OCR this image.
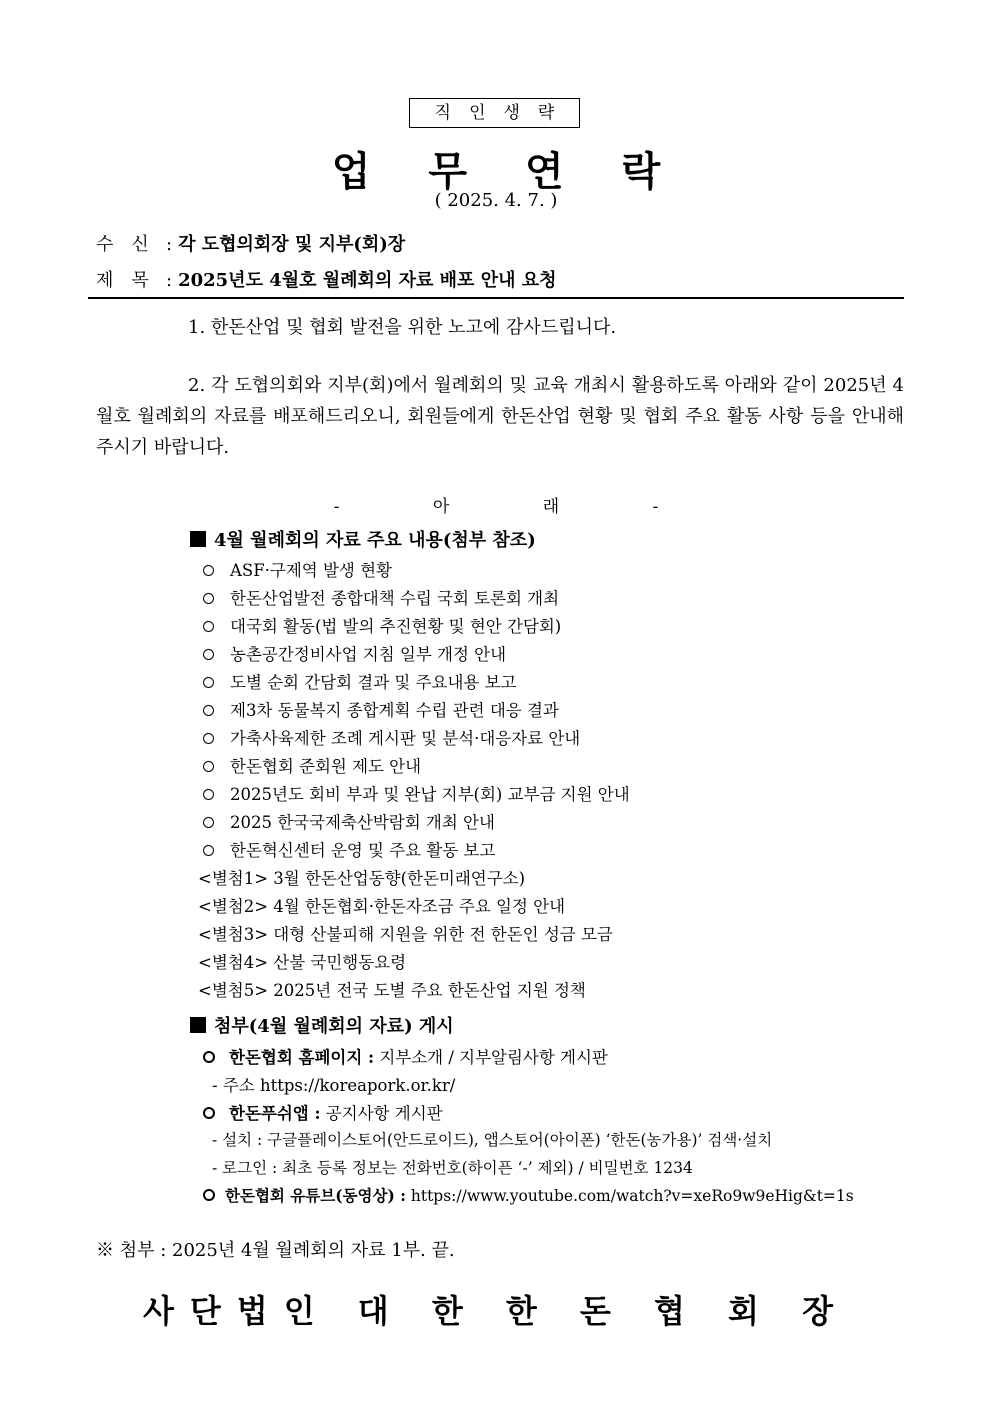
직인생략
업무연락
( 2025. 4. 7. )
수신: 각 도협의회장 및 지부(회)장
제목: 2025년도 4월호 월례회의 자료 배포 안내 요청
1. 한돈산업 및 협회 발전을 위한 노고에 감사드립니다.
2. 각 도협의회와 지부(회)에서 월례회의 및 교육 개최시 활용하도록 아래와 같이 2025년 4월호 월례회의 자료를 배포해드리오니, 회원들에게 한돈산업 현황 및 협회 주요 활동 사항 등을 안내해 주시기 바랍니다.
- 아 래 -
4월 월례회의 자료 주요 내용(첨부 참조)
ASF·구제역 발생 현황
한돈산업발전 종합대책 수립 국회 토론회 개최
대국회 활동(법 발의 추진현황 및 현안 간담회)
농촌공간정비사업 지침 일부 개정 안내
도별 순회 간담회 결과 및 주요내용 보고
제3차 동물복지 종합계획 수립 관련 대응 결과
가축사육제한 조례 게시판 및 분석·대응자료 안내
한돈협회 준회원 제도 안내
2025년도 회비 부과 및 완납 지부(회) 교부금 지원 안내
2025 한국국제축산박람회 개최 안내
한돈혁신센터 운영 및 주요 활동 보고
<별첨1> 3월 한돈산업동향(한돈미래연구소)
<별첨2> 4월 한돈협회·한돈자조금 주요 일정 안내
<별첨3> 대형 산불피해 지원을 위한 전 한돈인 성금 모금
<별첨4> 산불 국민행동요령
<별첨5> 2025년 전국 도별 주요 한돈산업 지원 정책
첨부(4월 월례회의 자료) 게시
한돈협회 홈페이지 : 지부소개 / 지부알림사항 게시판
- 주소 https://koreapork.or.kr/
한돈푸쉬앱 : 공지사항 게시판
- 설치 : 구글플레이스토어(안드로이드), 앱스토어(아이폰) ‘한돈(농가용)’ 검색·설치
- 로그인 : 최초 등록 정보는 전화번호(하이픈 ‘-’ 제외) / 비밀번호 1234
한돈협회 유튜브(동영상) : https://www.youtube.com/watch?v=xeRo9w9eHig&t=1s
※ 첨부 : 2025년 4월 월례회의 자료 1부. 끝.
사단법인 대 한 한 돈 협 회 장
